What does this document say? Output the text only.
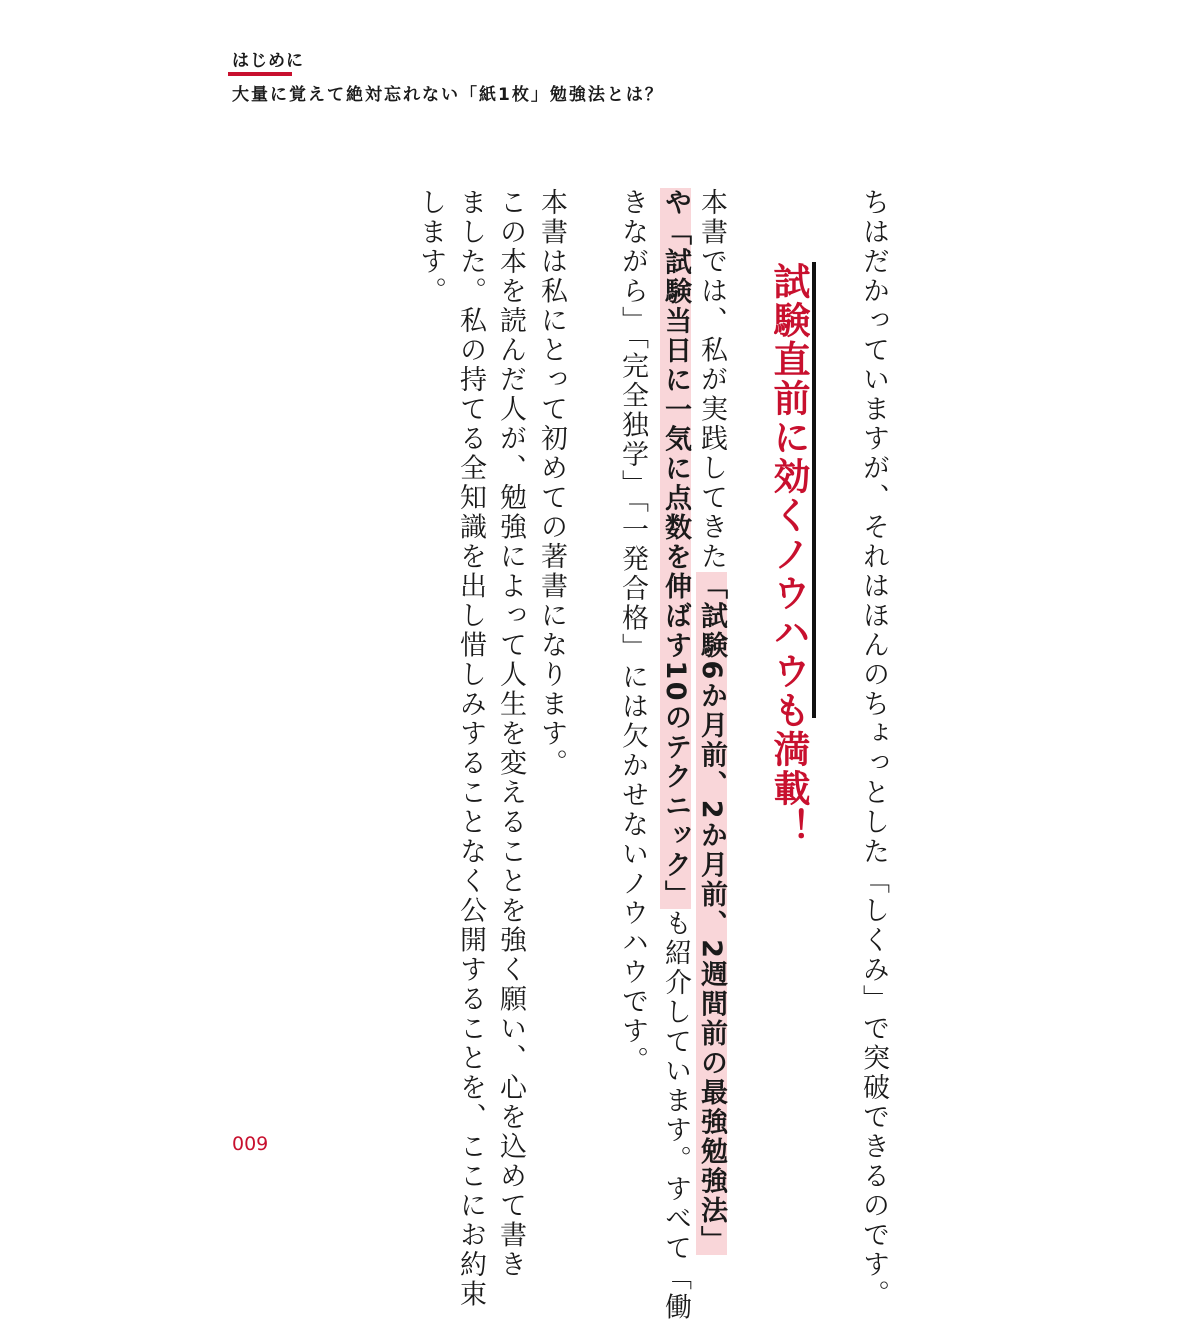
はじめに
大量に覚えて絶対忘れない「紙1枚」勉強法とは？
ちはだかっていますが、それはほんのちょっとした「しくみ」で突破できるのです。
試験直前に効くノウハウも満載！
本書では、私が実践してきた「試験6か月前、2か月前、2週間前の最強勉強法」
や「試験当日に一気に点数を伸ばす10のテクニック」も紹介しています。すべて「働
きながら」「完全独学」「一発合格」には欠かせないノウハウです。
本書は私にとって初めての著書になります。
この本を読んだ人が、勉強によって人生を変えることを強く願い、心を込めて書き
ました。私の持てる全知識を出し惜しみすることなく公開することを、ここにお約束
します。
009
